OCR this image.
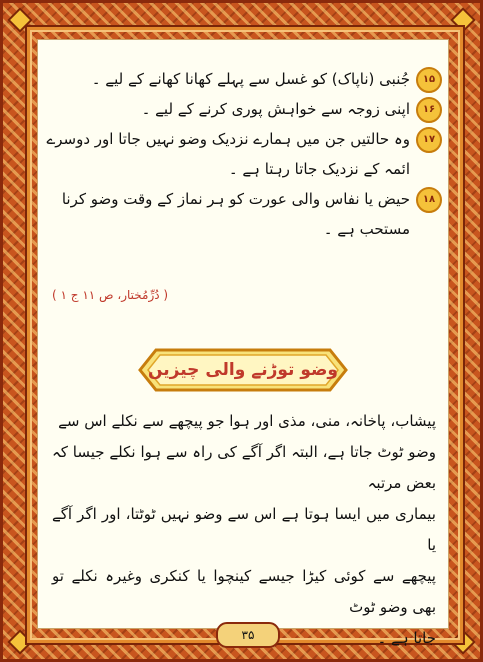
۱۵
جُنبی (ناپاک) کو غسل سے پہلے کھانا کھانے کے لیے ۔
۱۶
اپنی زوجہ سے خواہش پوری کرنے کے لیے ۔
۱۷
وہ حالتیں جن میں ہمارے نزدیک وضو نہیں جاتا اور دوسرے ائمہ کے نزدیک جاتا رہتا ہے ۔
۱۸
حیض یا نفاس والی عورت کو ہر نماز کے وقت وضو کرنا مستحب ہے ۔
( دُرِّمُختار، ص ۱۱ ج ۱ )
وضو توڑنے والی چیزیں

پیشاب، پاخانہ، منی، مذی اور ہوا جو پیچھے سے نکلے اس سے

وضو ٹوٹ جاتا ہے، البتہ اگر آگے کی راہ سے ہوا نکلے جیسا کہ بعض مرتبہ

بیماری میں ایسا ہوتا ہے اس سے وضو نہیں ٹوٹتا، اور اگر آگے یا

پیچھے سے کوئی کیڑا جیسے کینچوا یا کنکری وغیرہ نکلے تو بھی وضو ٹوٹ

جاتا ہے ۔

۳۵
